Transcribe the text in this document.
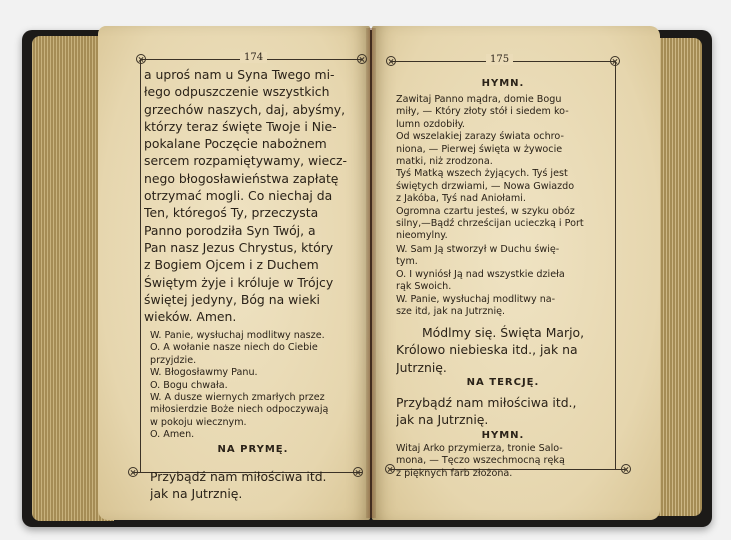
174
a uproś nam u Syna Twego mi-
łego odpuszczenie wszystkich
grzechów naszych, daj, abyśmy,
którzy teraz święte Twoje i Nie-
pokalane Poczęcie nabożnem
sercem rozpamiętywamy, wiecz-
nego błogosławieństwa zapłatę
otrzymać mogli. Co niechaj da
Ten, któregoś Ty, przeczysta
Panno porodziła Syn Twój, a
Pan nasz Jezus Chrystus, który
z Bogiem Ojcem i z Duchem
Świętym żyje i króluje w Trójcy
świętej jedyny, Bóg na wieki
wieków. Amen.
W. Panie, wysłuchaj modlitwy nasze.
O. A wołanie nasze niech do Ciebie
przyjdzie.
W. Błogosławmy Panu.
O. Bogu chwała.
W. A dusze wiernych zmarłych przez
miłosierdzie Boże niech odpoczywają
w pokoju wiecznym.
O. Amen.
NA PRYMĘ.
Przybądź nam miłościwa itd.
jak na Jutrznię.
175
HYMN.
Zawitaj Panno mądra, domie Bogu
miły, — Który złoty stół i siedem ko-
lumn ozdobiły.
Od wszelakiej zarazy świata ochro-
niona, — Pierwej święta w żywocie
matki, niż zrodzona.
Tyś Matką wszech żyjących. Tyś jest
świętych drzwiami, — Nowa Gwiazdo
z Jakóba, Tyś nad Aniołami.
Ogromna czartu jesteś, w szyku obóz
silny,—Bądź chrześcijan ucieczką i Port
nieomylny.
W. Sam Ją stworzył w Duchu świę-
tym.
O. I wyniósł Ją nad wszystkie dzieła
rąk Swoich.
W. Panie, wysłuchaj modlitwy na-
sze itd, jak na Jutrznię.
Módlmy się. Święta Marjo,
Królowo niebieska itd., jak na
Jutrznię.
NA TERCJĘ.
Przybądź nam miłościwa itd.,
jak na Jutrznię.
HYMN.
Witaj Arko przymierza, tronie Salo-
mona, — Tęczo wszechmocną ręką
z pięknych farb złożona.
